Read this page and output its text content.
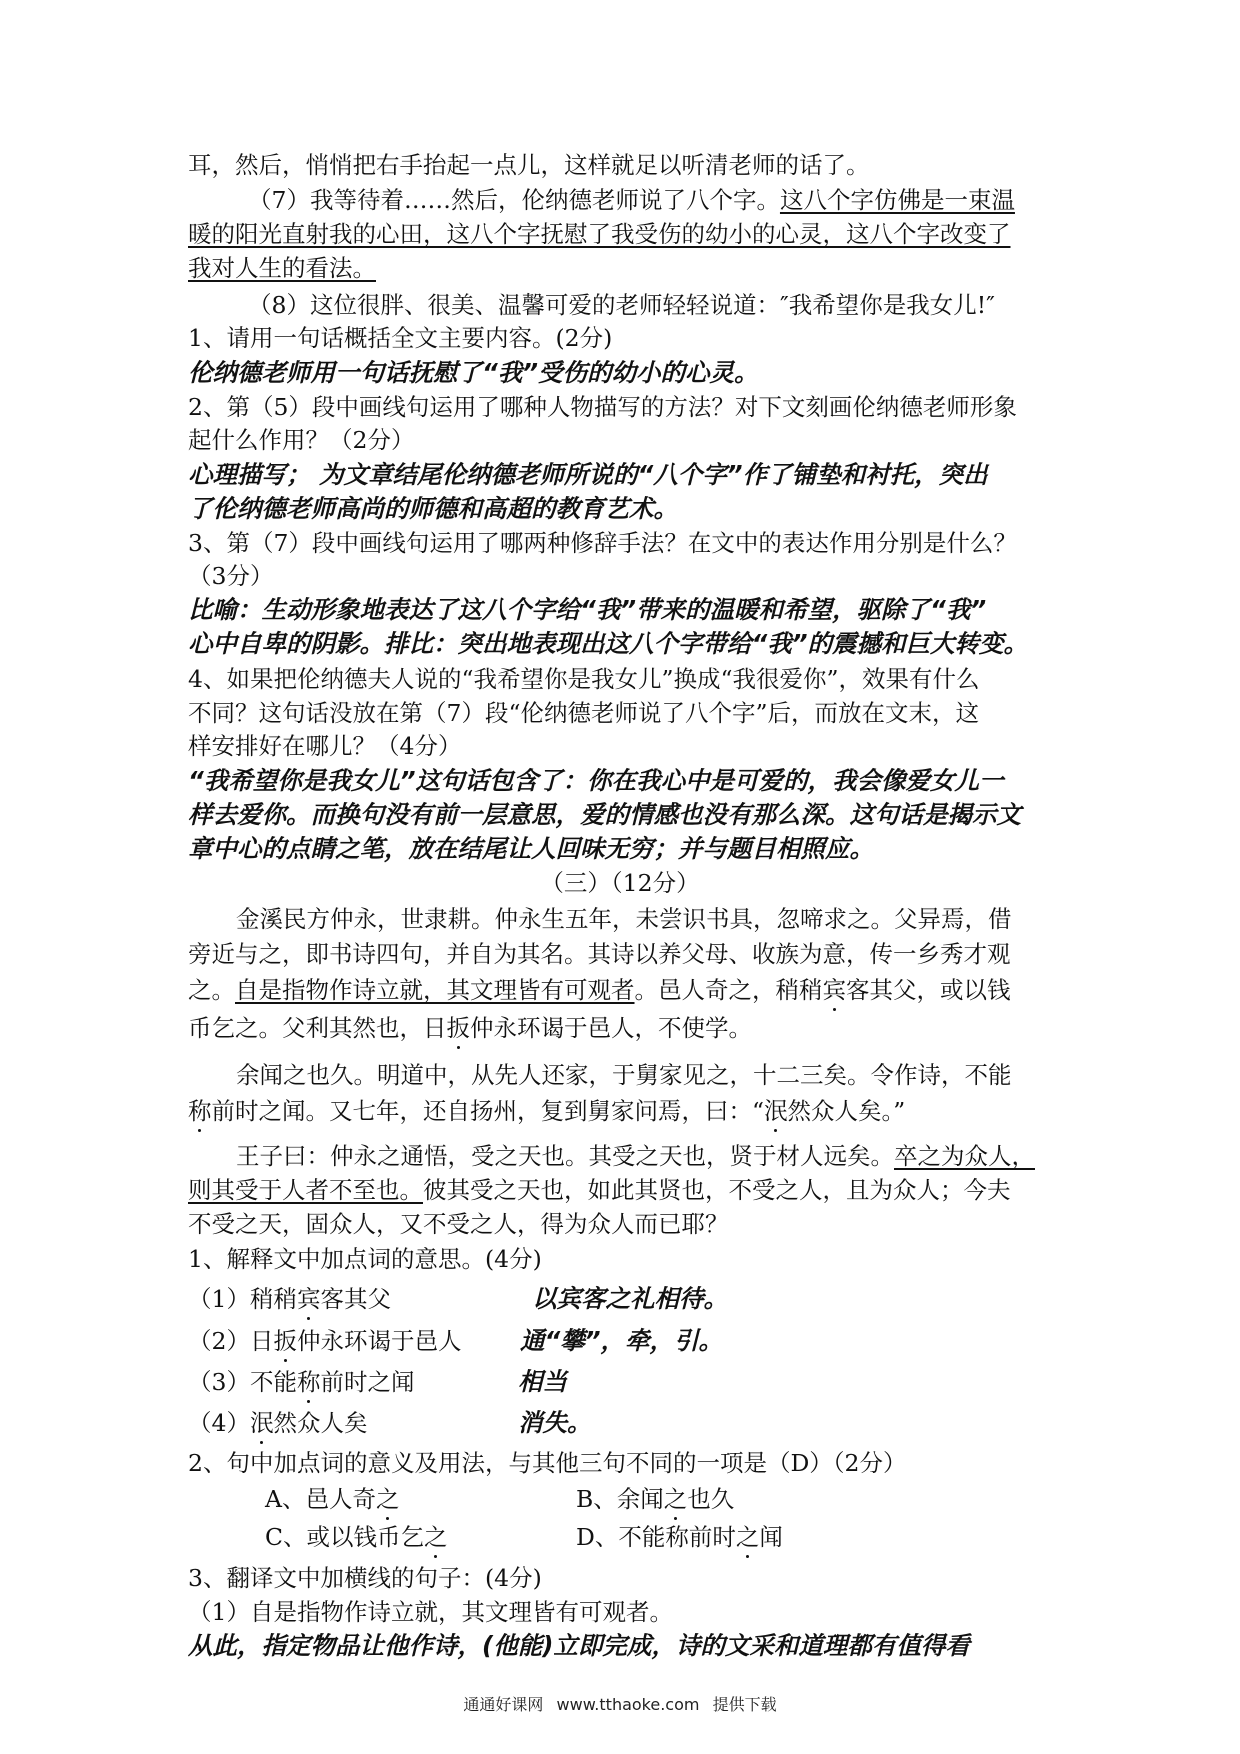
耳，然后，悄悄把右手抬起一点儿，这样就足以听清老师的话了。
（7）我等待着……然后，伦纳德老师说了八个字。这八个字仿佛是一束温
暖的阳光直射我的心田，这八个字抚慰了我受伤的幼小的心灵，这八个字改变了
我对人生的看法。
（8）这位很胖、很美、温馨可爱的老师轻轻说道：″我希望你是我女儿!″
1、请用一句话概括全文主要内容。(2分)
伦纳德老师用一句话抚慰了“我”受伤的幼小的心灵。
2、第（5）段中画线句运用了哪种人物描写的方法？对下文刻画伦纳德老师形象
起什么作用？（2分）
心理描写； 为文章结尾伦纳德老师所说的“八个字”作了铺垫和衬托，突出
了伦纳德老师高尚的师德和高超的教育艺术。
3、第（7）段中画线句运用了哪两种修辞手法？在文中的表达作用分别是什么？
（3分）
比喻：生动形象地表达了这八个字给“我”带来的温暖和希望，驱除了“我”
心中自卑的阴影。排比：突出地表现出这八个字带给“我”的震撼和巨大转变。
4、如果把伦纳德夫人说的“我希望你是我女儿”换成“我很爱你”，效果有什么
不同？这句话没放在第（7）段“伦纳德老师说了八个字”后，而放在文末，这
样安排好在哪儿？（4分）
“我希望你是我女儿”这句话包含了：你在我心中是可爱的，我会像爱女儿一
样去爱你。而换句没有前一层意思，爱的情感也没有那么深。这句话是揭示文
章中心的点睛之笔，放在结尾让人回味无穷；并与题目相照应。
（三）（12分）
金溪民方仲永，世隶耕。仲永生五年，未尝识书具，忽啼求之。父异焉，借
旁近与之，即书诗四句，并自为其名。其诗以养父母、收族为意，传一乡秀才观
之。自是指物作诗立就，其文理皆有可观者。邑人奇之，稍稍宾客其父，或以钱
币乞之。父利其然也，日扳仲永环谒于邑人，不使学。
余闻之也久。明道中，从先人还家，于舅家见之，十二三矣。令作诗，不能
称前时之闻。又七年，还自扬州，复到舅家问焉，曰：“泯然众人矣。”
王子曰：仲永之通悟，受之天也。其受之天也，贤于材人远矣。卒之为众人，
则其受于人者不至也。彼其受之天也，如此其贤也，不受之人，且为众人；今夫
不受之天，固众人，又不受之人，得为众人而已耶？
1、解释文中加点词的意思。(4分)
（1）稍稍宾客其父	以宾客之礼相待。
（2）日扳仲永环谒于邑人 通“攀”，牵，引。
（3）不能称前时之闻	相当
（4）泯然众人矣	消失。
2、句中加点词的意义及用法，与其他三句不同的一项是（D）（2分）
A、邑人奇之	B、余闻之也久
C、或以钱币乞之	D、不能称前时之闻
3、翻译文中加横线的句子：(4分)
（1）自是指物作诗立就，其文理皆有可观者。
从此，指定物品让他作诗，(他能)立即完成，诗的文采和道理都有值得看
通通好课网 www.tthaoke.com 提供下载
